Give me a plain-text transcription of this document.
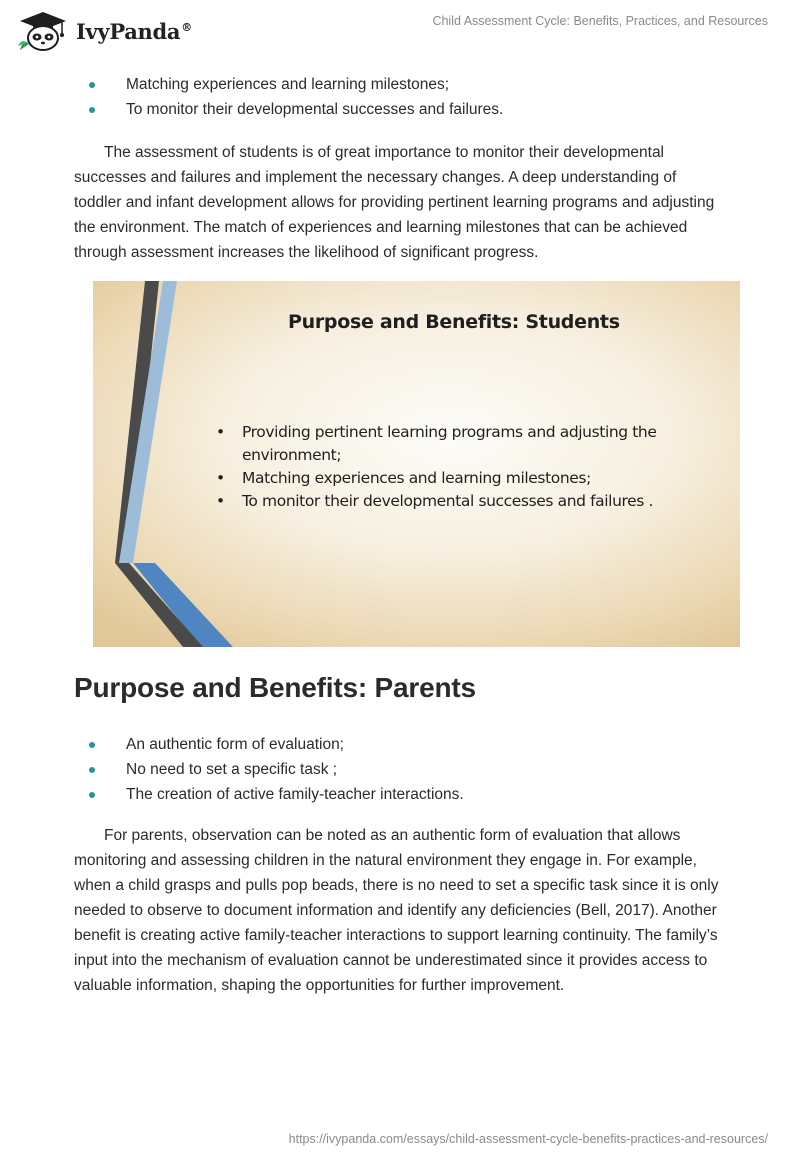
IvyPanda®	Child Assessment Cycle: Benefits, Practices, and Resources
Matching experiences and learning milestones;
To monitor their developmental successes and failures.

The assessment of students is of great importance to monitor their developmental successes and failures and implement the necessary changes. A deep understanding of toddler and infant development allows for providing pertinent learning programs and adjusting the environment. The match of experiences and learning milestones that can be achieved through assessment increases the likelihood of significant progress.

Purpose and Benefits: Students
• Providing pertinent learning programs and adjusting the environment;
• Matching experiences and learning milestones;
• To monitor their developmental successes and failures .
Purpose and Benefits: Parents
An authentic form of evaluation;
No need to set a specific task ;
The creation of active family-teacher interactions.

For parents, observation can be noted as an authentic form of evaluation that allows monitoring and assessing children in the natural environment they engage in. For example, when a child grasps and pulls pop beads, there is no need to set a specific task since it is only needed to observe to document information and identify any deficiencies (Bell, 2017). Another benefit is creating active family-teacher interactions to support learning continuity. The family’s input into the mechanism of evaluation cannot be underestimated since it provides access to valuable information, shaping the opportunities for further improvement.

https://ivypanda.com/essays/child-assessment-cycle-benefits-practices-and-resources/
